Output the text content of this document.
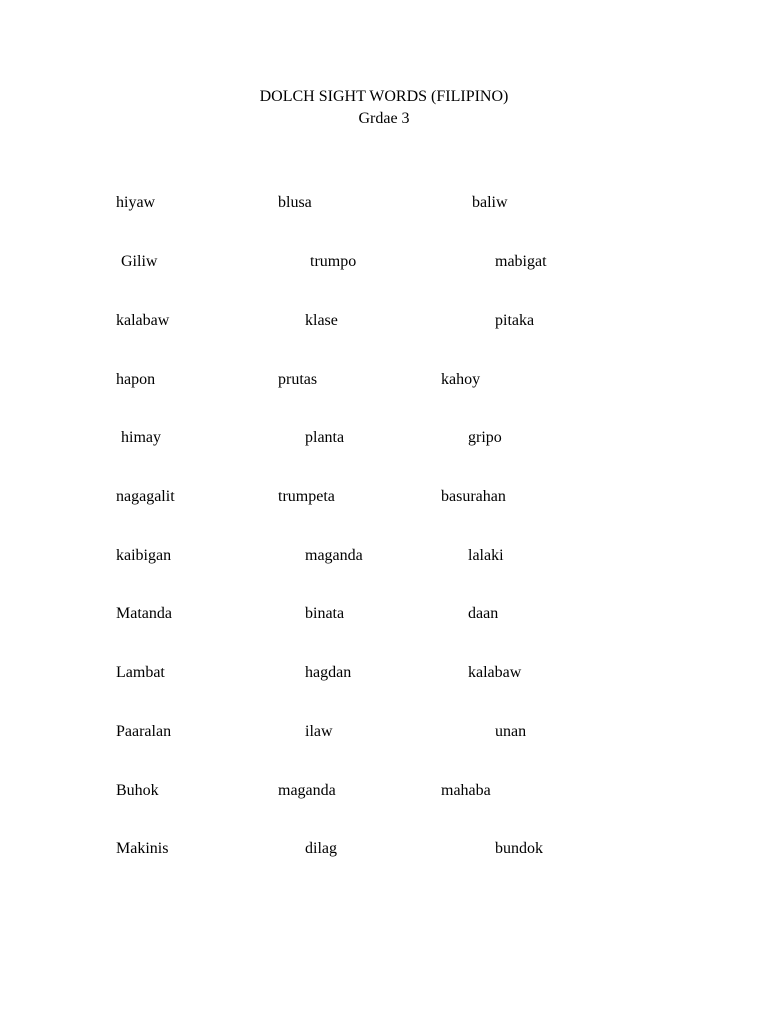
DOLCH SIGHT WORDS (FILIPINO)
Grdae 3
hiyaw	blusa	baliw
Giliw	trumpo	mabigat
kalabaw	klase	pitaka
hapon	prutas	kahoy
himay	planta	gripo
nagagalit	trumpeta	basurahan
kaibigan	maganda	lalaki
Matanda	binata	daan
Lambat	hagdan	kalabaw
Paaralan	ilaw	unan
Buhok	maganda	mahaba
Makinis	dilag	bundok
